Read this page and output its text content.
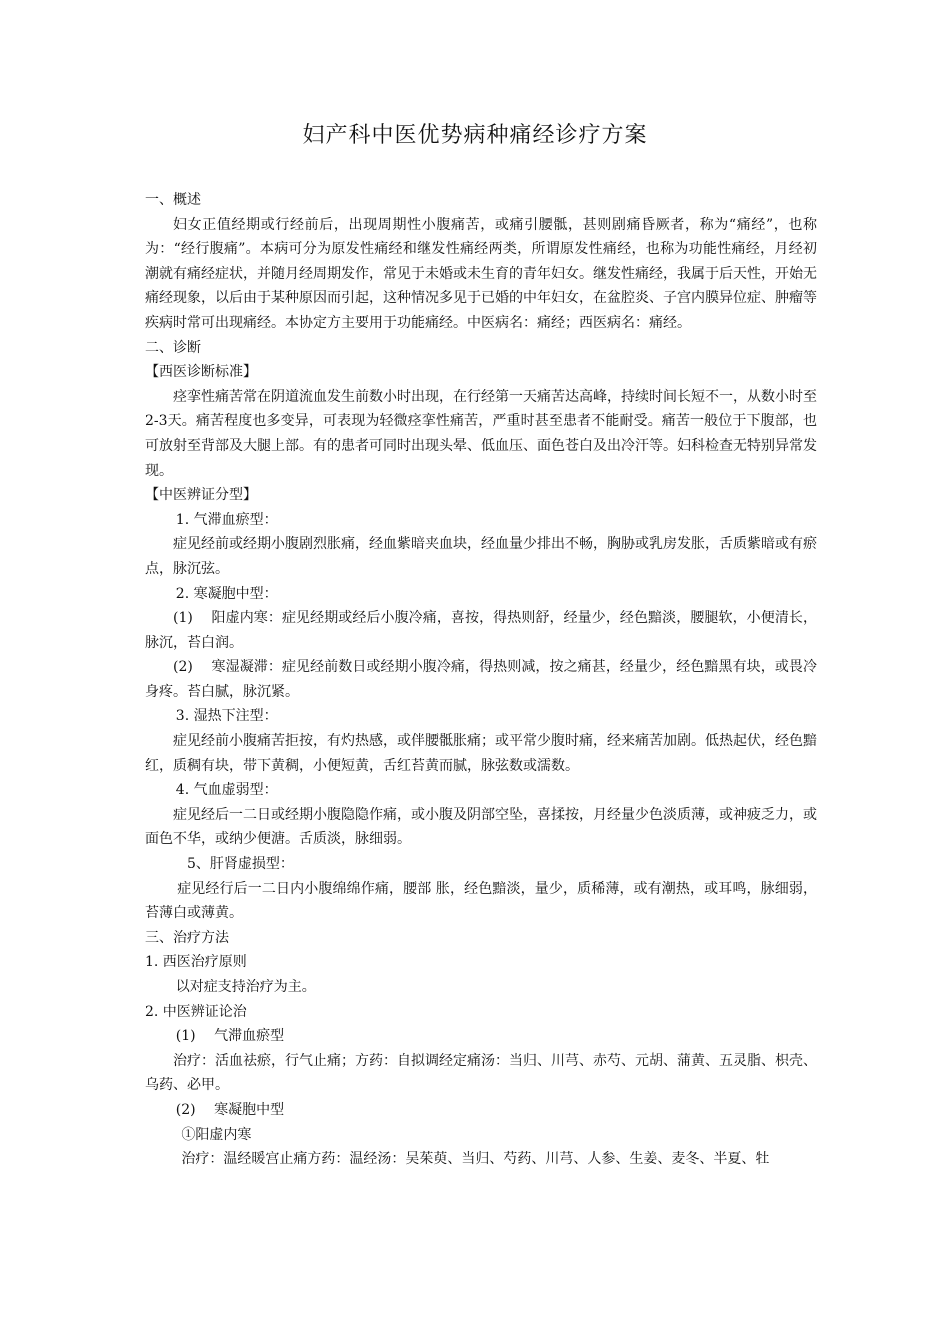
妇产科中医优势病种痛经诊疗方案

一、概述

妇女正值经期或行经前后，出现周期性小腹痛苦，或痛引腰骶，甚则剧痛昏厥者，称为“痛经”，也称为：“经行腹痛”。本病可分为原发性痛经和继发性痛经两类，所谓原发性痛经，也称为功能性痛经，月经初潮就有痛经症状，并随月经周期发作，常见于未婚或未生育的青年妇女。继发性痛经，我属于后天性，开始无痛经现象，以后由于某种原因而引起，这种情况多见于已婚的中年妇女，在盆腔炎、子宫内膜异位症、肿瘤等疾病时常可出现痛经。本协定方主要用于功能痛经。中医病名：痛经；西医病名：痛经。

二、诊断

【西医诊断标准】

痉挛性痛苦常在阴道流血发生前数小时出现，在行经第一天痛苦达高峰，持续时间长短不一，从数小时至2-3天。痛苦程度也多变异，可表现为轻微痉挛性痛苦，严重时甚至患者不能耐受。痛苦一般位于下腹部，也可放射至背部及大腿上部。有的患者可同时出现头晕、低血压、面色苍白及出冷汗等。妇科检查无特别异常发现。

【中医辨证分型】

1. 气滞血瘀型：

症见经前或经期小腹剧烈胀痛，经血紫暗夹血块，经血量少排出不畅，胸胁或乳房发胀，舌质紫暗或有瘀点，脉沉弦。

2. 寒凝胞中型：

(1)　 阳虚内寒：症见经期或经后小腹冷痛，喜按，得热则舒，经量少，经色黯淡，腰腿软，小便清长，脉沉，苔白润。

(2)　 寒湿凝滞：症见经前数日或经期小腹冷痛，得热则减，按之痛甚，经量少，经色黯黑有块，或畏冷身疼。苔白腻，脉沉紧。

3. 湿热下注型：

症见经前小腹痛苦拒按，有灼热感，或伴腰骶胀痛；或平常少腹时痛，经来痛苦加剧。低热起伏，经色黯红，质稠有块，带下黄稠，小便短黄，舌红苔黄而腻，脉弦数或濡数。

4. 气血虚弱型：

症见经后一二日或经期小腹隐隐作痛，或小腹及阴部空坠，喜揉按，月经量少色淡质薄，或神疲乏力，或面色不华，或纳少便溏。舌质淡，脉细弱。

5、肝肾虚损型：

症见经行后一二日内小腹绵绵作痛，腰部 胀，经色黯淡，量少，质稀薄，或有潮热，或耳鸣，脉细弱，苔薄白或薄黄。

三、治疗方法

1. 西医治疗原则

以对症支持治疗为主。

2. 中医辨证论治

(1)　 气滞血瘀型

治疗：活血祛瘀，行气止痛；方药：自拟调经定痛汤：当归、川芎、赤芍、元胡、蒲黄、五灵脂、枳壳、乌药、必甲。

(2)　 寒凝胞中型

①阳虚内寒

治疗：温经暖宫止痛方药：温经汤：吴茱萸、当归、芍药、川芎、人参、生姜、麦冬、半夏、牡
